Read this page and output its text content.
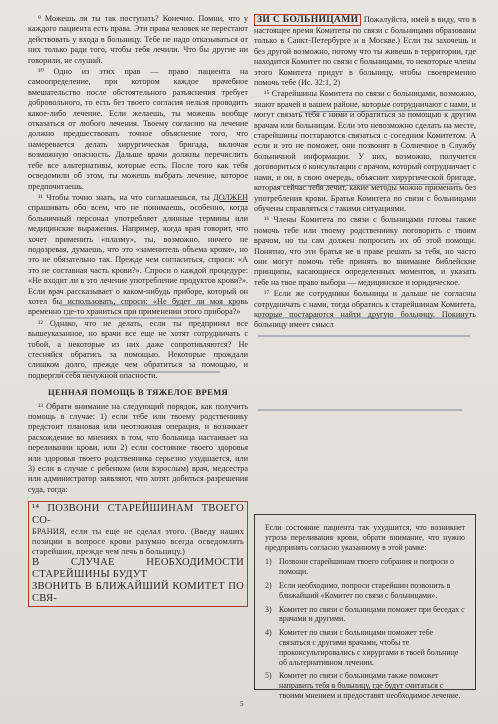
⁹ Можешь ли ты так поступать? Конечно. Помни, что у каждого пациента есть права. Эти права человек не перестают действовать у входа в больницу. Тебе не надо отказываться от них только ради того, чтобы тебя лечили. Что бы другие ни говорили, не слушай.

¹⁰ Одно из этих прав — право пациента на самоопределение, при котором каждое врачебное вмешательство после обстоятельного разъяснения требует добровольного, то есть без твоего согласия нельзя проводить какое-либо лечение. Если желаешь, ты можешь вообще отказаться от любого лечения. Твоему согласию на лечение должно предшествовать точное объяснение того, что намеревается делать хирургическая бригада, включая возможную опасность. Дальше врачи должны перечислить тебе все альтернативы, которые есть. После того как тебя осведомили об этом, ты можешь выбрать лечение, которое предпочитаешь.

¹¹ Чтобы точно знать, на что соглашаешься, ты ДОЛЖЕН спрашивать обо всем, что не понимаешь, особенно, когда больничный персонал употребляет длинные термины или медицинские выражения. Например, когда врач говорит, что хочет применить «плазму», ты, возможно, ничего не подозревая, думаешь, что это «заменитель объема крови», но это не обязательно так. Прежде чем согласиться, спроси: «А это не составная часть крови?». Спроси о каждой процедуре: «Не входит ли в это лечение употребление продуктов крови?». Если врач рассказывает о каком-нибудь приборе, который он хотел бы использовать, спроси: «Не будет ли моя кровь временно где-то храниться при применении этого прибора?»

¹² Однако, что не делать, если ты предпринял все вышеуказанное, но врачи все еще не хотят сотрудничать с тобой, а некоторые из них даже сопротивляются? Не стесняйся обратись за помощью. Некоторые прождали слишком долго, прежде чем обратиться за помощью, и подвергли себя ненужной опасности.

ЦЕННАЯ ПОМОЩЬ В ТЯЖЕЛОЕ ВРЕМЯ

¹³ Обрати внимание на следующий порядок, как получить помощь в случае: 1) если тебе или твоему родственнику предстоит плановая или неотложная операция, и возникает расхождение во мнениях в том, что больница настаивает на переливании крови, или 2) если состояние твоего здоровья или здоровья твоего родственника серьезно ухудшается, или 3) если в случае с ребенком (или взрослым) врач, медсестра или администратор заявляют, что хотят добиться разрешения суда, тогда:

¹⁴ ПОЗВОНИ СТАРЕЙШИНАМ ТВОЕГО СО-
БРАНИЯ, если ты еще не сделал этого. (Введу наших позиции в вопросе крови разумно всегда осведомлять старейшин, прежде чем лечь в больницу.)
В СЛУЧАЕ НЕОБХОДИМОСТИ СТАРЕЙШИНЫ БУДУТ
ЗВОНИТЬ В БЛИЖАЙШИЙ КОМИТЕТ ПО СВЯ-

ЗИ С БОЛЬНИЦАМИ Пожалуйста, имей в виду, что в настоящее время Комитеты по связи с больницами образованы только в Санкт-Петербурге и в Москве.) Если ты захочешь и без другой возможно, потому что ты живешь в территории, где находится Комитет по связи с больницами, то некоторые члены этого Комитета придут в больницу, чтобы своевременно помочь тебе (Ис. 32:1, 2)

¹⁵ Старейшины Комитета по связи с больницами, возможно, знают врачей в вашем районе, которые сотрудничают с нами, и могут связать тебя с ними и обратиться за помощью к другим врачам или больницам. Если это невозможно сделать на месте, старейшины постараются связаться с соседним Комитетом. А если и это не поможет, они позвонят в Солнечное в Службу больничной информации. У них, возможно, получится договориться о консультации с врачом, который сотрудничает с нами, и он, в свою очередь, объяснит хирургической бригаде, которая сейчас тебя лечит, какие методы можно применить без употребления крови. Братья Комитета по связи с больницами обучены справляться с такими ситуациями.

¹⁶ Члены Комитета по связи с больницами готовы также помочь тебе или твоему родственнику поговорить с твоим врачом, но ты сам должен попросить их об этой помощи. Понятно, что эти братья не в праве решать за тебя, но часто они могут помочь тебе принять во внимание библейские принципы, касающиеся определенных моментов, и указать тебе на твое право выбора — медицинское и юридическое.

¹⁷ Если же сотрудники больницы и дальше не согласны сотрудничать с нами, тогда обратись к старейшинам Комитета, которые постараются найти другую больницу. Покинуть больницу имеет смысл

Если состояние пациента так ухудшится, что возникнет угроза переливания крови, обрати внимание, что нужно предпринять согласно указанному в этой рамке:
1) Позвони старейшинам твоего собрания и попроси о помощи.
2) Если необходимо, попроси старейшин позвонить в ближайший «Комитет по связи с больницами».
3) Комитет по связи с больницами поможет при беседах с врачами и другими.
4) Комитет по связи с больницами поможет тебе связаться с другими врачами, чтобы те проконсультировались с хирургами в твоей больнице об альтернативном лечении.
5) Комитет по связи с больницами также поможет направить тебя в больницу, где будут считаться с твоими мнением и предоставят необходимое лечение.
5
